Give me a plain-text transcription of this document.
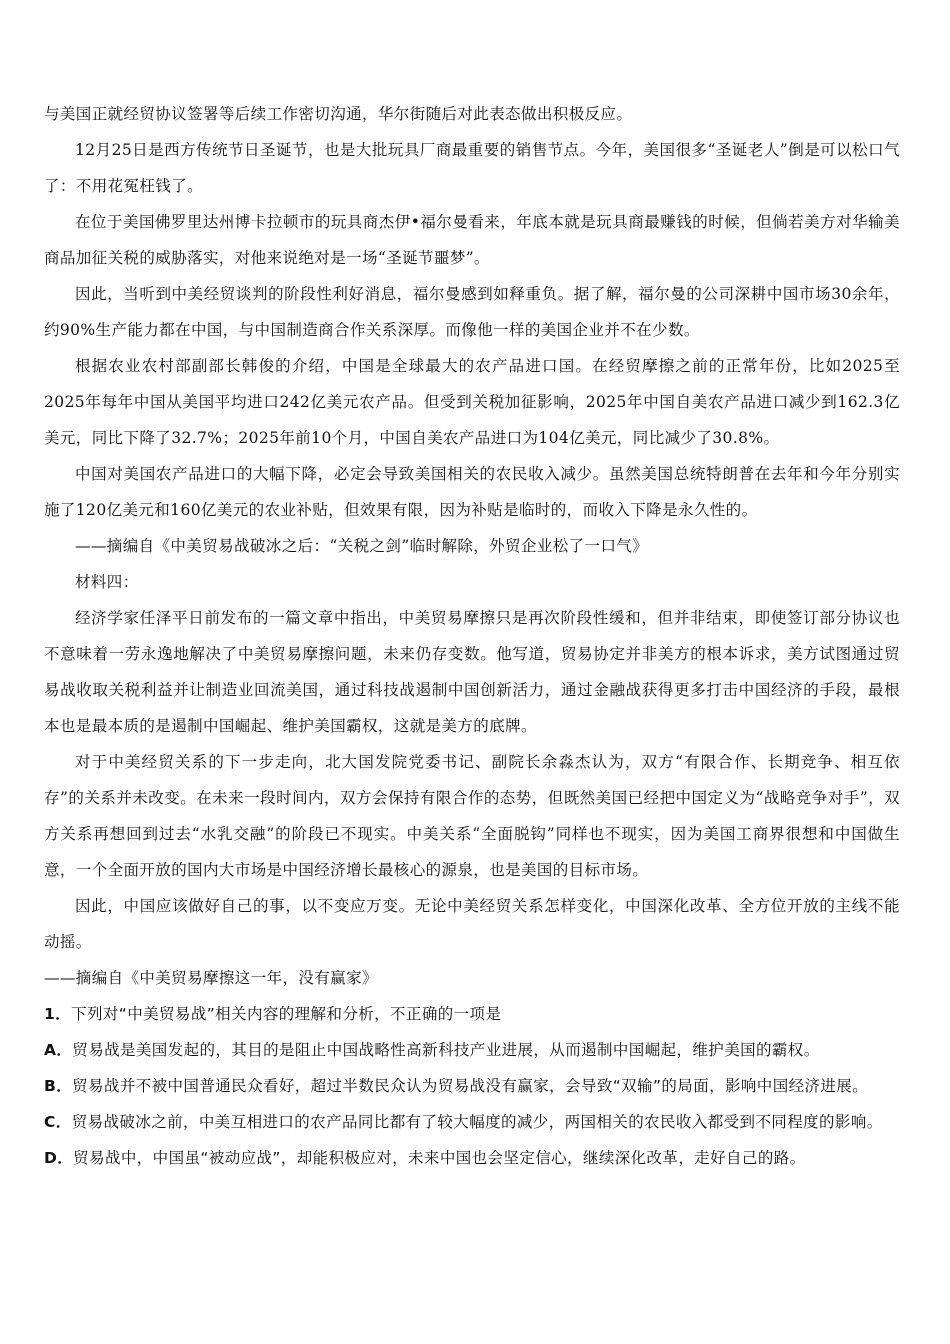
与美国正就经贸协议签署等后续工作密切沟通，华尔街随后对此表态做出积极反应。

12月25日是西方传统节日圣诞节，也是大批玩具厂商最重要的销售节点。今年，美国很多“圣诞老人”倒是可以松口气了：不用花冤枉钱了。

在位于美国佛罗里达州博卡拉顿市的玩具商杰伊•福尔曼看来，年底本就是玩具商最赚钱的时候，但倘若美方对华输美商品加征关税的威胁落实，对他来说绝对是一场“圣诞节噩梦”。

因此，当听到中美经贸谈判的阶段性利好消息，福尔曼感到如释重负。据了解，福尔曼的公司深耕中国市场30余年，约90%生产能力都在中国，与中国制造商合作关系深厚。而像他一样的美国企业并不在少数。

根据农业农村部副部长韩俊的介绍，中国是全球最大的农产品进口国。在经贸摩擦之前的正常年份，比如2025至2025年每年中国从美国平均进口242亿美元农产品。但受到关税加征影响，2025年中国自美农产品进口减少到162.3亿美元，同比下降了32.7%；2025年前10个月，中国自美农产品进口为104亿美元，同比减少了30.8%。

中国对美国农产品进口的大幅下降，必定会导致美国相关的农民收入减少。虽然美国总统特朗普在去年和今年分别实施了120亿美元和160亿美元的农业补贴，但效果有限，因为补贴是临时的，而收入下降是永久性的。

——摘编自《中美贸易战破冰之后：“关税之剑”临时解除，外贸企业松了一口气》

材料四：

经济学家任泽平日前发布的一篇文章中指出，中美贸易摩擦只是再次阶段性缓和，但并非结束，即使签订部分协议也不意味着一劳永逸地解决了中美贸易摩擦问题，未来仍存变数。他写道，贸易协定并非美方的根本诉求，美方试图通过贸易战收取关税利益并让制造业回流美国，通过科技战遏制中国创新活力，通过金融战获得更多打击中国经济的手段，最根本也是最本质的是遏制中国崛起、维护美国霸权，这就是美方的底牌。

对于中美经贸关系的下一步走向，北大国发院党委书记、副院长余淼杰认为，双方“有限合作、长期竞争、相互依存”的关系并未改变。在未来一段时间内，双方会保持有限合作的态势，但既然美国已经把中国定义为“战略竞争对手”，双方关系再想回到过去“水乳交融”的阶段已不现实。中美关系“全面脱钩”同样也不现实，因为美国工商界很想和中国做生意，一个全面开放的国内大市场是中国经济增长最核心的源泉，也是美国的目标市场。

因此，中国应该做好自己的事，以不变应万变。无论中美经贸关系怎样变化，中国深化改革、全方位开放的主线不能动摇。

——摘编自《中美贸易摩擦这一年，没有赢家》

1．下列对“中美贸易战”相关内容的理解和分析，不正确的一项是

A．贸易战是美国发起的，其目的是阻止中国战略性高新科技产业进展，从而遏制中国崛起，维护美国的霸权。

B．贸易战并不被中国普通民众看好，超过半数民众认为贸易战没有赢家，会导致“双输”的局面，影响中国经济进展。

C．贸易战破冰之前，中美互相进口的农产品同比都有了较大幅度的减少，两国相关的农民收入都受到不同程度的影响。

D．贸易战中，中国虽“被动应战”，却能积极应对，未来中国也会坚定信心，继续深化改革，走好自己的路。
